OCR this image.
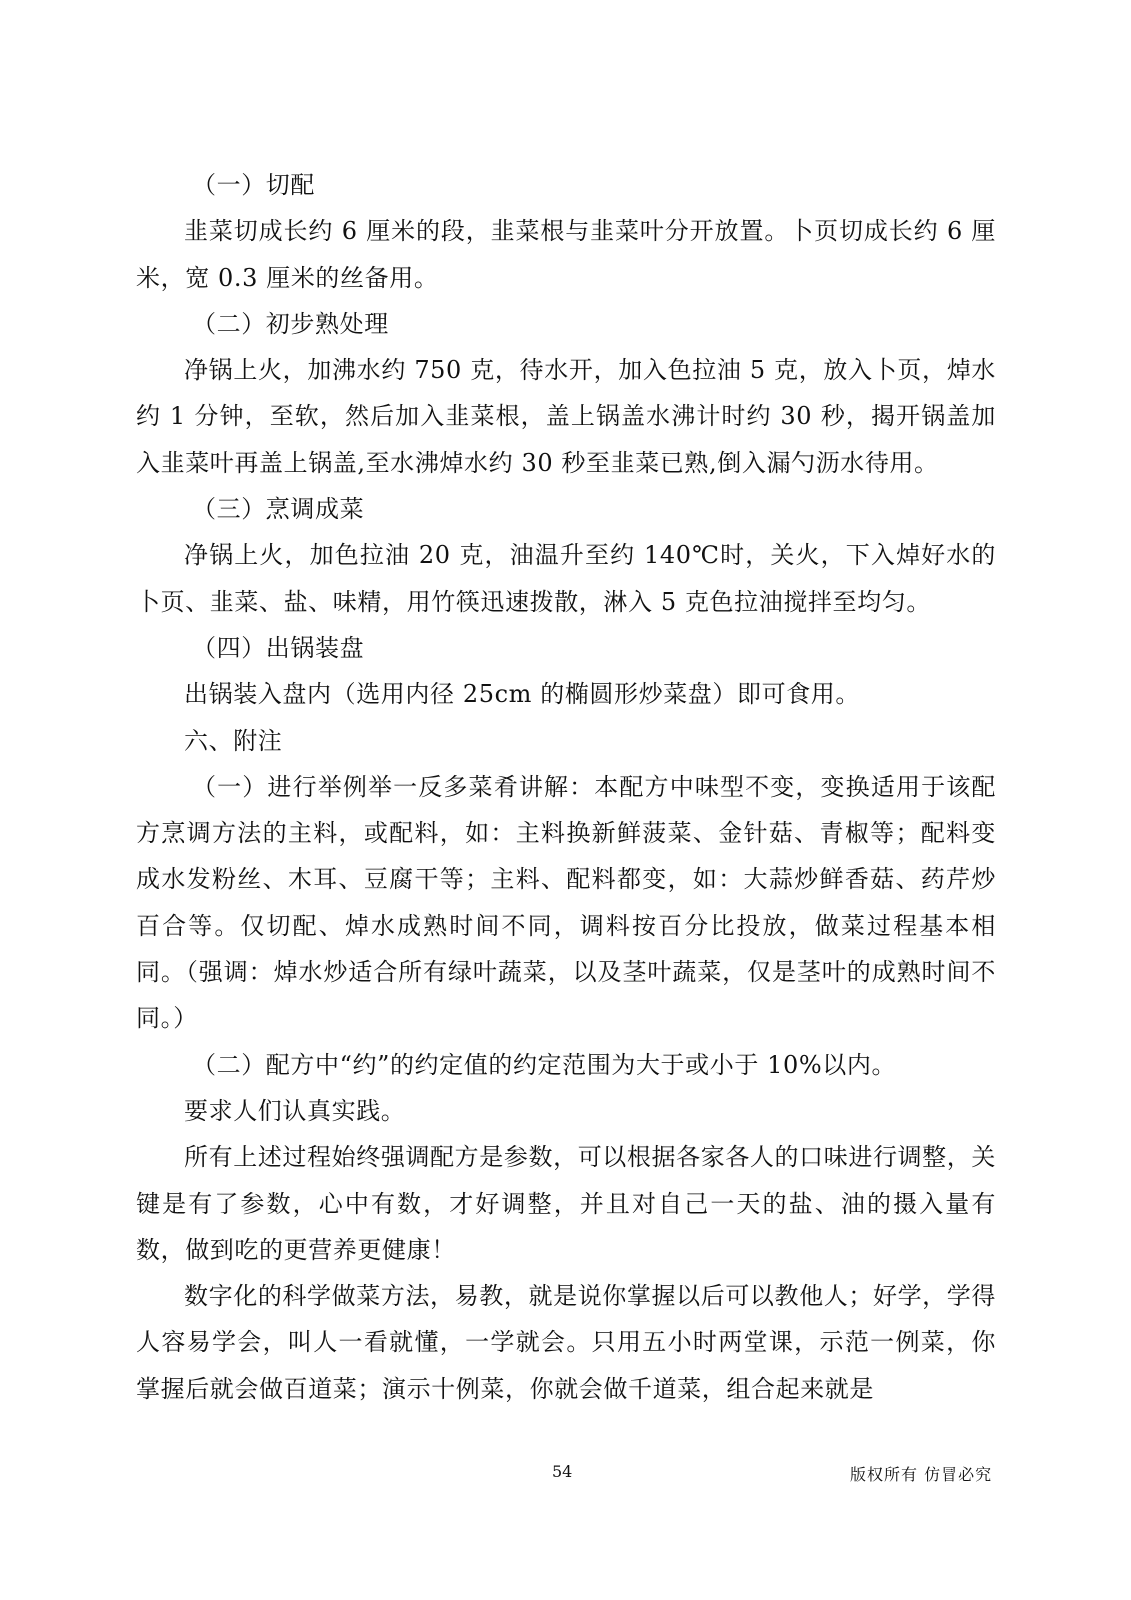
（一）切配

韭菜切成长约 6 厘米的段，韭菜根与韭菜叶分开放置。卜页切成长约 6 厘米，宽 0.3 厘米的丝备用。

（二）初步熟处理

净锅上火，加沸水约 750 克，待水开，加入色拉油 5 克，放入卜页，焯水约 1 分钟，至软，然后加入韭菜根，盖上锅盖水沸计时约 30 秒，揭开锅盖加入韭菜叶再盖上锅盖,至水沸焯水约 30 秒至韭菜已熟,倒入漏勺沥水待用。

（三）烹调成菜

净锅上火，加色拉油 20 克，油温升至约 140℃时，关火，下入焯好水的卜页、韭菜、盐、味精，用竹筷迅速拨散，淋入 5 克色拉油搅拌至均匀。

（四）出锅装盘

出锅装入盘内（选用内径 25cm 的椭圆形炒菜盘）即可食用。

六、附注

（一）进行举例举一反多菜肴讲解：本配方中味型不变，变换适用于该配方烹调方法的主料，或配料，如：主料换新鲜菠菜、金针菇、青椒等；配料变成水发粉丝、木耳、豆腐干等；主料、配料都变，如：大蒜炒鲜香菇、药芹炒百合等。仅切配、焯水成熟时间不同，调料按百分比投放，做菜过程基本相同。（强调：焯水炒适合所有绿叶蔬菜，以及茎叶蔬菜，仅是茎叶的成熟时间不同。）

（二）配方中“约”的约定值的约定范围为大于或小于 10%以内。

要求人们认真实践。

所有上述过程始终强调配方是参数，可以根据各家各人的口味进行调整，关键是有了参数，心中有数，才好调整，并且对自己一天的盐、油的摄入量有数，做到吃的更营养更健康！

数字化的科学做菜方法，易教，就是说你掌握以后可以教他人；好学，学得人容易学会，叫人一看就懂，一学就会。只用五小时两堂课，示范一例菜，你掌握后就会做百道菜；演示十例菜，你就会做千道菜，组合起来就是

54	版权所有 仿冒必究
